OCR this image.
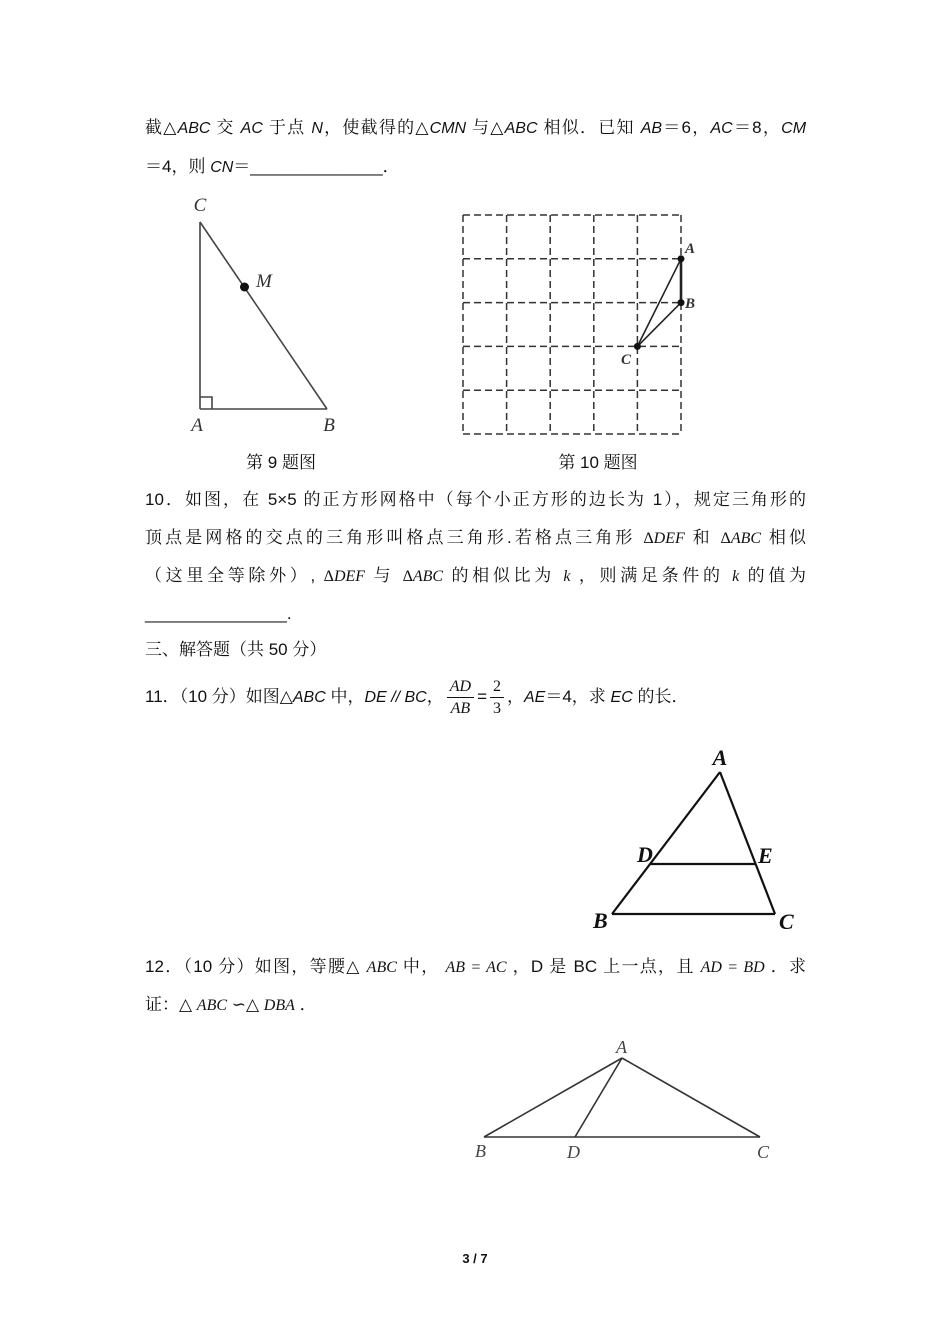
截△ABC 交 AC 于点 N，使截得的△CMN 与△ABC 相似．已知 AB＝6，AC＝8，CM
＝4，则 CN＝______________．
第 9 题图	第 10 题图
10．如图，在 5×5 的正方形网格中（每个小正方形的边长为 1），规定三角形的
顶点是网格的交点的三角形叫格点三角形.若格点三角形 ΔDEF 和 ΔABC 相似
（这里全等除外）, ΔDEF 与 ΔABC 的相似比为 k ，则满足条件的 k 的值为
_______________.
三、解答题（共 50 分）
11．（10 分）如图△ABC 中，DE // BC， $\frac{AD}{AB} = \frac{2}{3}$ ，AE＝4，求 EC 的长．
12．（10 分）如图，等腰△ ABC 中， AB = AC ，D 是 BC 上一点，且 AD = BD ．求
证：△ ABC ∽△ DBA ．
3 / 7
C
M
A	B
A
B
C
A
D	E
B	C
A
B	D	C
